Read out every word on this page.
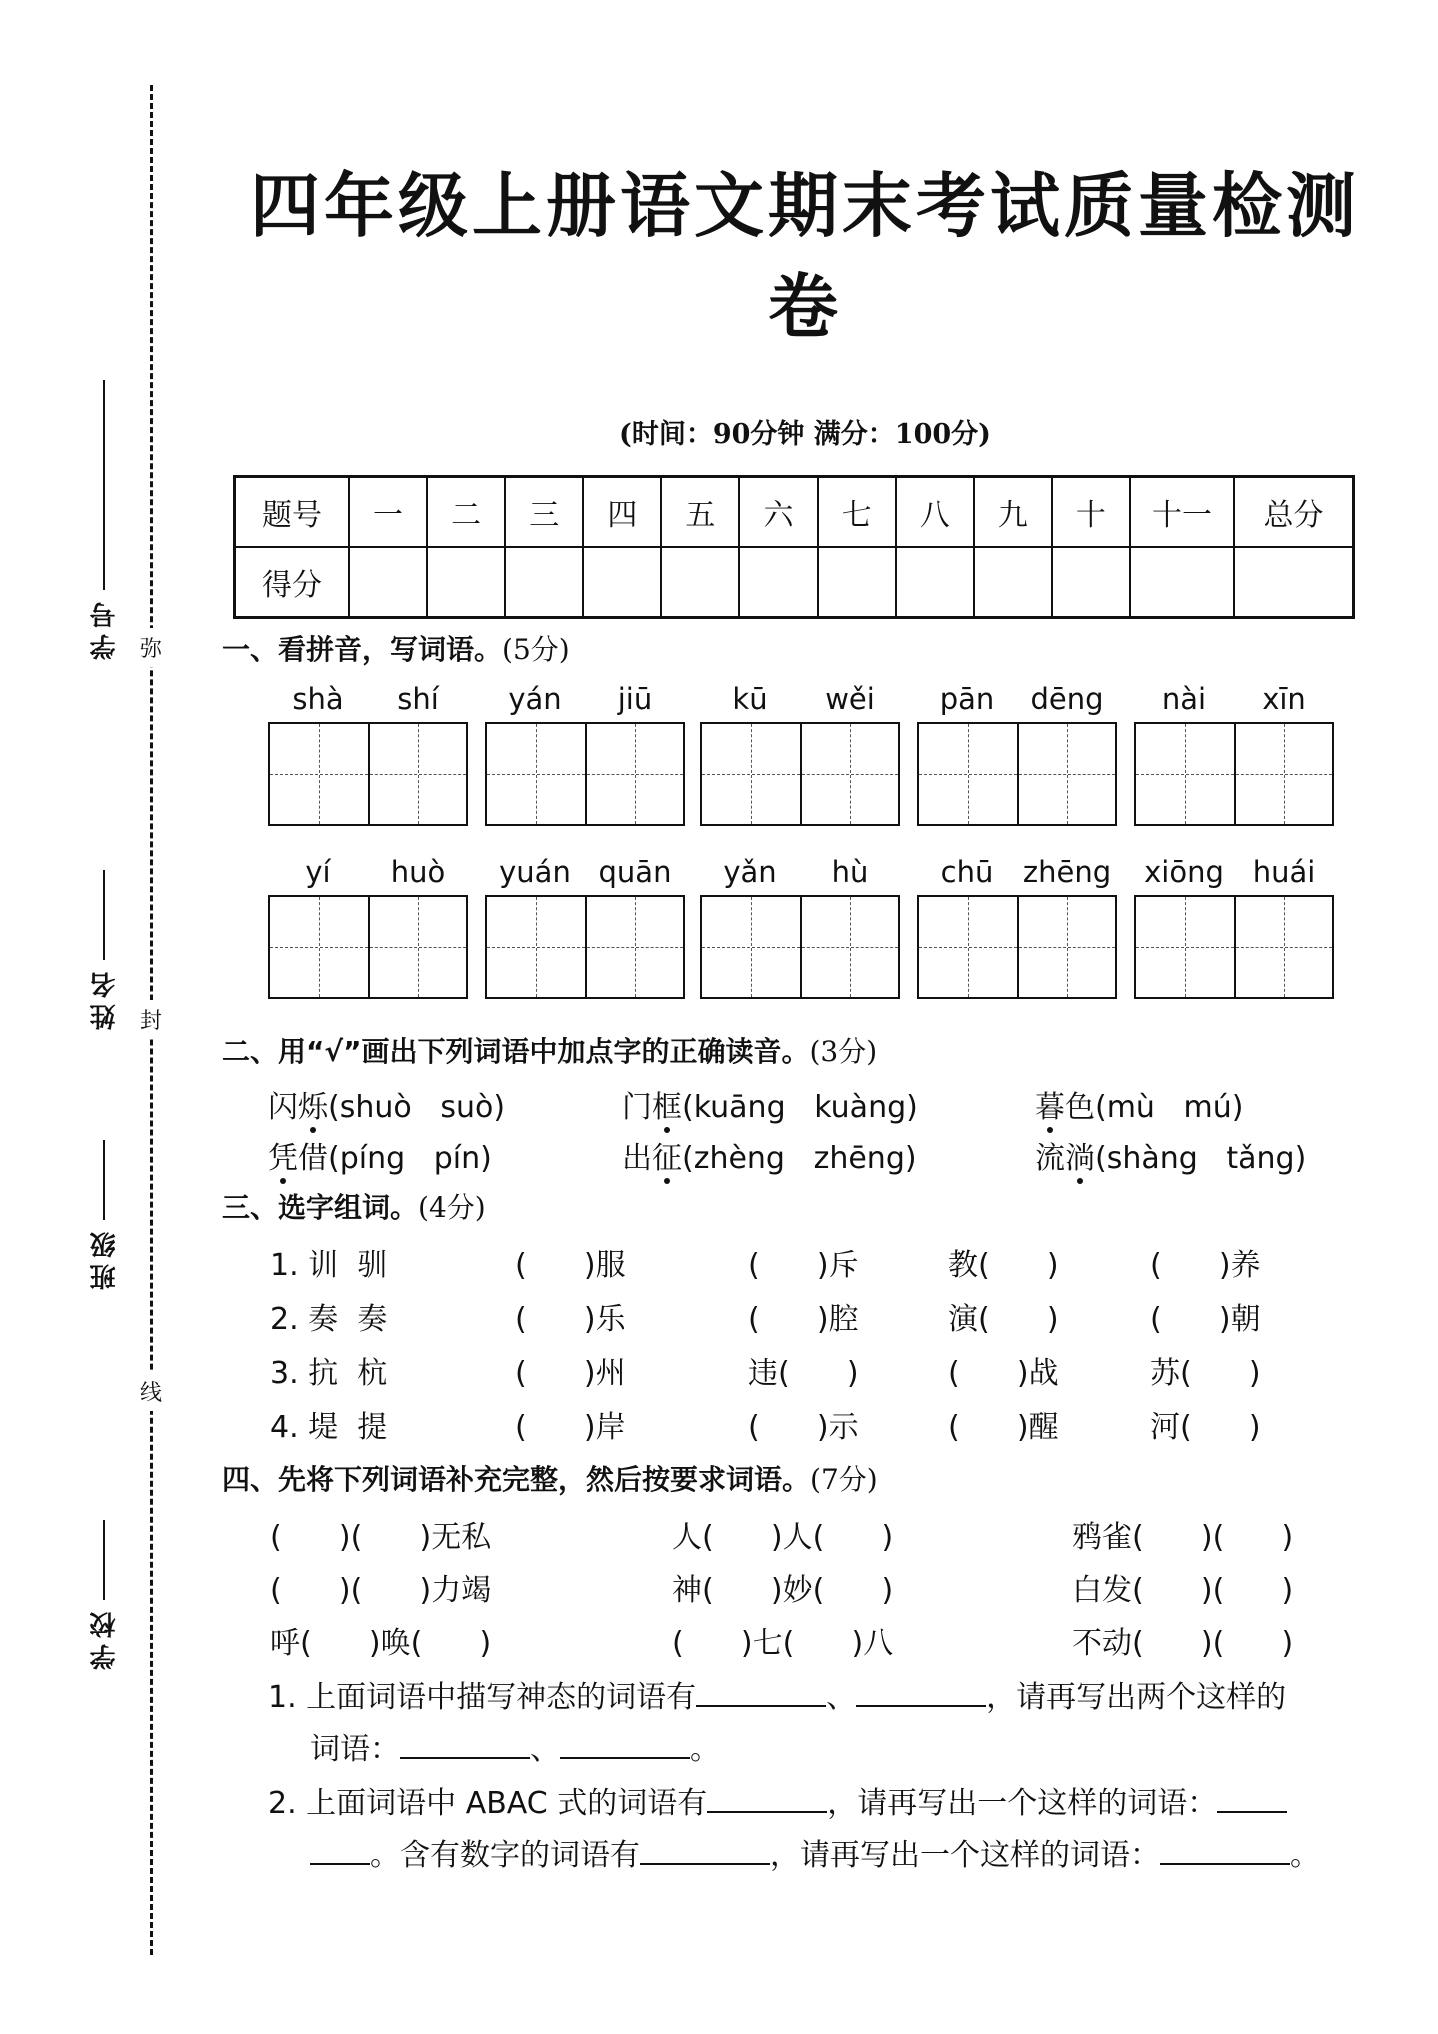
弥
封
线
学号
姓名
班级
学校
四年级上册语文期末考试质量检测卷
(时间：90分钟 满分：100分)
题号	一	二	三	四	五	六	七	八	九	十	十一	总分
得分												
一、看拼音，写词语。(5分)
shà	shí	yán	jiū	kū	wěi	pān	dēng	nài	xīn
yí	huò	yuán quān	yǎn	hù	chū	zhēng	xiōng huái
二、用“√”画出下列词语中加点字的正确读音。(3分)
闪烁(shuò   suò)	门框(kuāng   kuàng)	暮色(mù   mú)
凭借(píng   pín)	出征(zhèng   zhēng)	流淌(shàng   tǎng)
三、选字组词。(4分)
1. 训  驯	(      )服	(      )斥	教(      )	(      )养
2. 奏  奏	(      )乐	(      )腔	演(      )	(      )朝
3. 抗  杭	(      )州	违(      )	(      )战	苏(      )
4. 堤  提	(      )岸	(      )示	(      )醒	河(      )
四、先将下列词语补充完整，然后按要求词语。(7分)
(      )(      )无私	人(      )人(      )	鸦雀(      )(      )
(      )(      )力竭	神(      )妙(      )	白发(      )(      )
呼(      )唤(      )	(      )七(      )八	不动(      )(      )
1. 上面词语中描写神态的词语有	、	，请再写出两个这样的
词语：	、	。
2. 上面词语中 ABAC 式的词语有	，请再写出一个这样的词语：
。含有数字的词语有	，请再写出一个这样的词语：	。
